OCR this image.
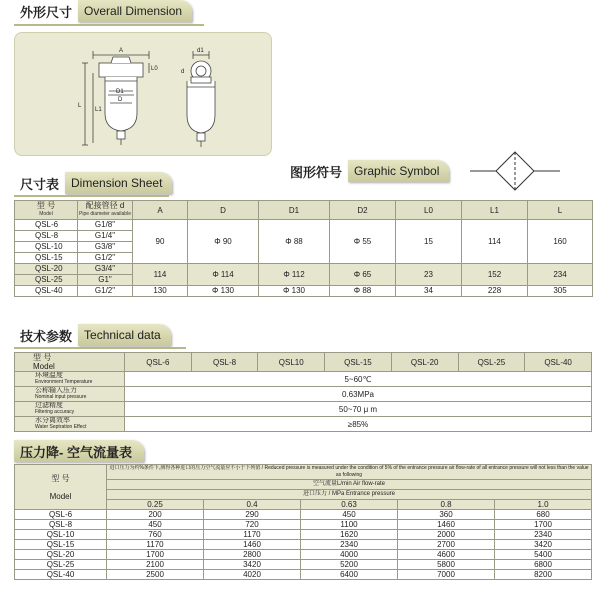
外形尺寸	Overall Dimension
A	d1
L
L1
D1
D
L0	d
图形符号	Graphic Symbol
尺寸表	Dimension Sheet
型 号
Model	配接管径 d
Pipe diameter available	A	D	D1	D2	L0	L1	L
QSL-6	G1/8"	90	Φ 90	Φ 88	Φ 55	15	114	160
QSL-8	G1/4"							
QSL-10	G3/8"							
QSL-15	G1/2"							
QSL-20	G3/4"	114	Φ 114	Φ 112	Φ 65	23	152	234
QSL-25	G1"							
QSL-40	G1/2"	130	Φ 130	Φ 130	Φ 88	34	228	305
技术参数	Technical data
型 号
Model	QSL-6	QSL-8	QSL10	QSL-15	QSL-20	QSL-25	QSL-40
环境温度
Environment Temperature	5~60℃						
公称输入压力
Nominal input pressure	0.63MPa						
过滤精度
Filtering accuracy	50~70 μ m						
水分离效率
Water Septration Effect	≥85%						
压力降- 空气流量表
型 号

Model	进口压力为约%条件下,测得各种进口的压力空气流量应不小于下列值 / Reduced pressure is measured under the condition of 5% of the entrance pressure air flow-rate of all entrance pressure will not less than the value as following				
	空气流量L/min Air flow-rate				
	进口压力 / MPa Entrance pressure				
	0.25	0.4	0.63	0.8	1.0
QSL-6	200	290	450	360	680
QSL-8	450	720	1100	1460	1700
QSL-10	760	1170	1620	2000	2340
QSL-15	1170	1460	2340	2700	3420
QSL-20	1700	2800	4000	4600	5400
QSL-25	2100	3420	5200	5800	6800
QSL-40	2500	4020	6400	7000	8200
